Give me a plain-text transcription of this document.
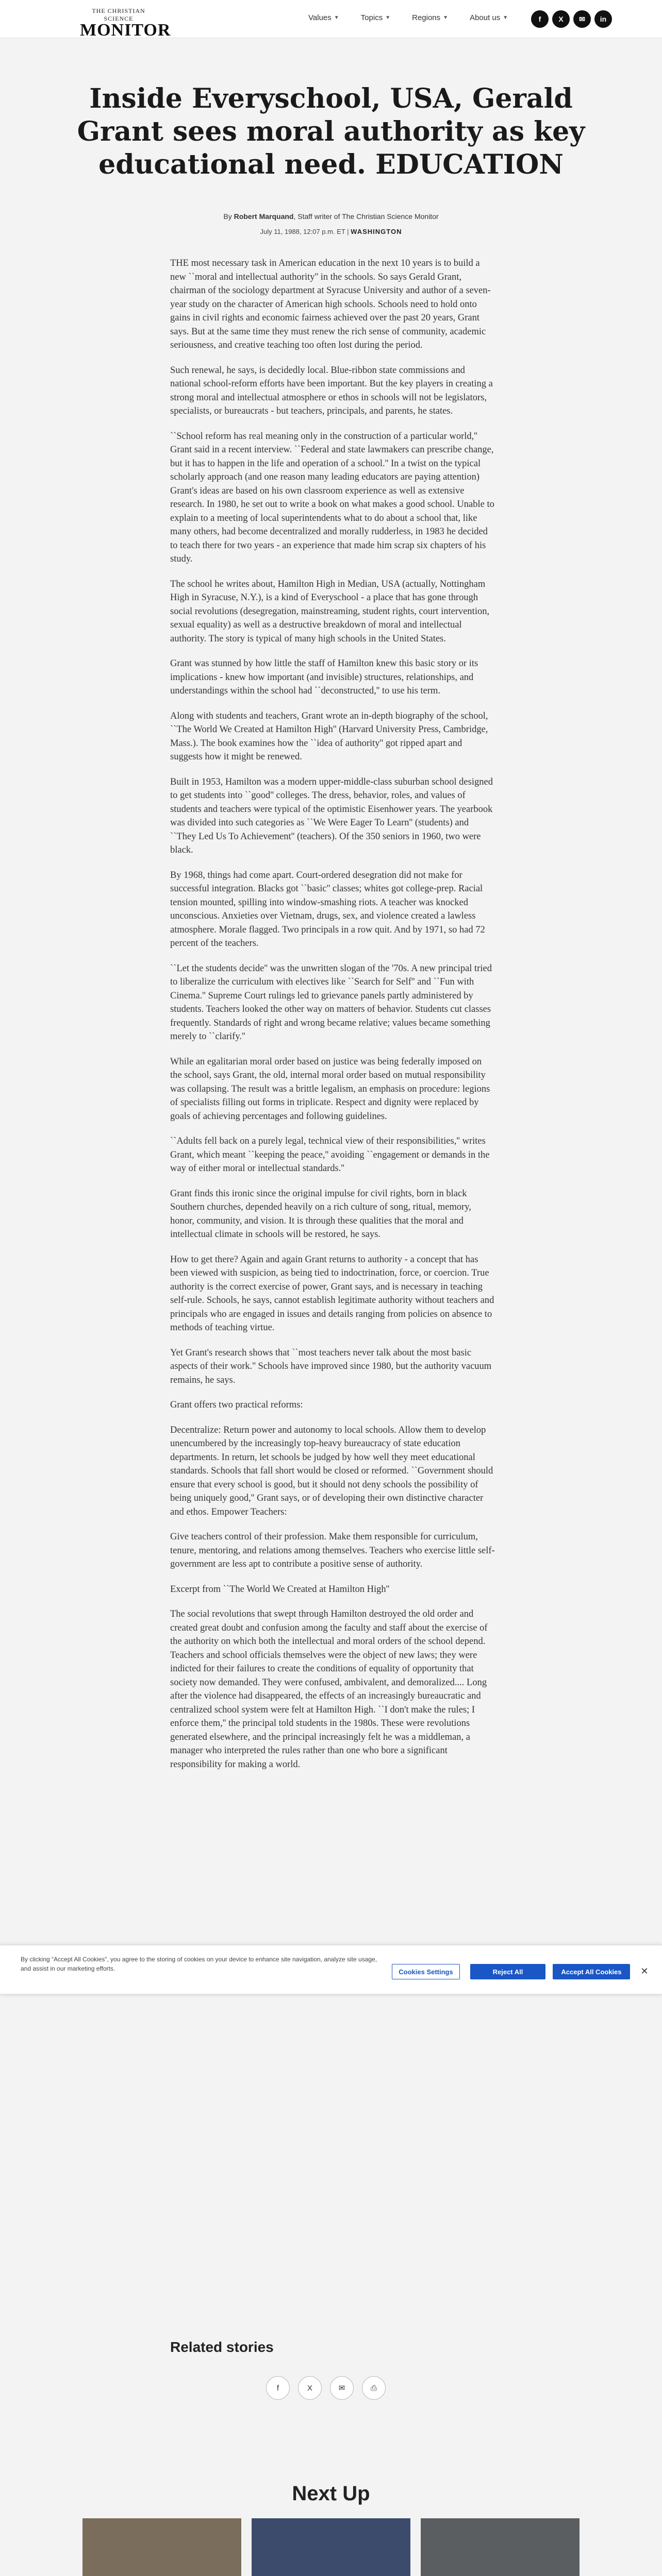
THE CHRISTIAN SCIENCE
MONITOR
Values ▼	Topics ▼	Regions ▼	About us ▼	f	X	✉	in
Inside Everyschool, USA, Gerald Grant sees moral authority as key educational need. EDUCATION
By Robert Marquand, Staff writer of The Christian Science Monitor
July 11, 1988, 12:07 p.m. ET | WASHINGTON

THE most necessary task in American education in the next 10 years is to build a new ``moral and intellectual authority'' in the schools. So says Gerald Grant, chairman of the sociology department at Syracuse University and author of a seven-year study on the character of American high schools. Schools need to hold onto gains in civil rights and economic fairness achieved over the past 20 years, Grant says. But at the same time they must renew the rich sense of community, academic seriousness, and creative teaching too often lost during the period.

Such renewal, he says, is decidedly local. Blue-ribbon state commissions and national school-reform efforts have been important. But the key players in creating a strong moral and intellectual atmosphere or ethos in schools will not be legislators, specialists, or bureaucrats - but teachers, principals, and parents, he states.

``School reform has real meaning only in the construction of a particular world,'' Grant said in a recent interview. ``Federal and state lawmakers can prescribe change, but it has to happen in the life and operation of a school.'' In a twist on the typical scholarly approach (and one reason many leading educators are paying attention) Grant's ideas are based on his own classroom experience as well as extensive research. In 1980, he set out to write a book on what makes a good school. Unable to explain to a meeting of local superintendents what to do about a school that, like many others, had become decentralized and morally rudderless, in 1983 he decided to teach there for two years - an experience that made him scrap six chapters of his study.

The school he writes about, Hamilton High in Median, USA (actually, Nottingham High in Syracuse, N.Y.), is a kind of Everyschool - a place that has gone through social revolutions (desegregation, mainstreaming, student rights, court intervention, sexual equality) as well as a destructive breakdown of moral and intellectual authority. The story is typical of many high schools in the United States.

Grant was stunned by how little the staff of Hamilton knew this basic story or its implications - knew how important (and invisible) structures, relationships, and understandings within the school had ``deconstructed,'' to use his term.

Along with students and teachers, Grant wrote an in-depth biography of the school, ``The World We Created at Hamilton High'' (Harvard University Press, Cambridge, Mass.). The book examines how the ``idea of authority'' got ripped apart and suggests how it might be renewed.

Built in 1953, Hamilton was a modern upper-middle-class suburban school designed to get students into ``good'' colleges. The dress, behavior, roles, and values of students and teachers were typical of the optimistic Eisenhower years. The yearbook was divided into such categories as ``We Were Eager To Learn'' (students) and ``They Led Us To Achievement'' (teachers). Of the 350 seniors in 1960, two were black.

By 1968, things had come apart. Court-ordered desegration did not make for successful integration. Blacks got ``basic'' classes; whites got college-prep. Racial tension mounted, spilling into window-smashing riots. A teacher was knocked unconscious. Anxieties over Vietnam, drugs, sex, and violence created a lawless atmosphere. Morale flagged. Two principals in a row quit. And by 1971, so had 72 percent of the teachers.

``Let the students decide'' was the unwritten slogan of the '70s. A new principal tried to liberalize the curriculum with electives like ``Search for Self'' and ``Fun with Cinema.'' Supreme Court rulings led to grievance panels partly administered by students. Teachers looked the other way on matters of behavior. Students cut classes frequently. Standards of right and wrong became relative; values became something merely to ``clarify.''

While an egalitarian moral order based on justice was being federally imposed on the school, says Grant, the old, internal moral order based on mutual responsibility was collapsing. The result was a brittle legalism, an emphasis on procedure: legions of specialists filling out forms in triplicate. Respect and dignity were replaced by goals of achieving percentages and following guidelines.

``Adults fell back on a purely legal, technical view of their responsibilities,'' writes Grant, which meant ``keeping the peace,'' avoiding ``engagement or demands in the way of either moral or intellectual standards.''

Grant finds this ironic since the original impulse for civil rights, born in black Southern churches, depended heavily on a rich culture of song, ritual, memory, honor, community, and vision. It is through these qualities that the moral and intellectual climate in schools will be restored, he says.

How to get there? Again and again Grant returns to authority - a concept that has been viewed with suspicion, as being tied to indoctrination, force, or coercion. True authority is the correct exercise of power, Grant says, and is necessary in teaching self-rule. Schools, he says, cannot establish legitimate authority without teachers and principals who are engaged in issues and details ranging from policies on absence to methods of teaching virtue.

Yet Grant's research shows that ``most teachers never talk about the most basic aspects of their work.'' Schools have improved since 1980, but the authority vacuum remains, he says.

Grant offers two practical reforms:

Decentralize: Return power and autonomy to local schools. Allow them to develop unencumbered by the increasingly top-heavy bureaucracy of state education departments. In return, let schools be judged by how well they meet educational standards. Schools that fall short would be closed or reformed. ``Government should ensure that every school is good, but it should not deny schools the possibility of being uniquely good,'' Grant says, or of developing their own distinctive character and ethos. Empower Teachers:

Give teachers control of their profession. Make them responsible for curriculum, tenure, mentoring, and relations among themselves. Teachers who exercise little self-government are less apt to contribute a positive sense of authority.

Excerpt from ``The World We Created at Hamilton High''

The social revolutions that swept through Hamilton destroyed the old order and created great doubt and confusion among the faculty and staff about the exercise of the authority on which both the intellectual and moral orders of the school depend. Teachers and school officials themselves were the object of new laws; they were indicted for their failures to create the conditions of equality of opportunity that society now demanded. They were confused, ambivalent, and demoralized.... Long after the violence had disappeared, the effects of an increasingly bureaucratic and centralized school system were felt at Hamilton High. ``I don't make the rules; I enforce them,'' the principal told students in the 1980s. These were revolutions generated elsewhere, and the principal increasingly felt he was a middleman, a manager who interpreted the rules rather than one who bore a significant responsibility for making a world.

By clicking “Accept All Cookies”, you agree to the storing of cookies on your device to enhance site navigation, analyze site usage, and assist in our marketing efforts.	Cookies Settings	Reject All	Accept All Cookies	✕
Related stories
f	X	✉	⎙
Next Up
